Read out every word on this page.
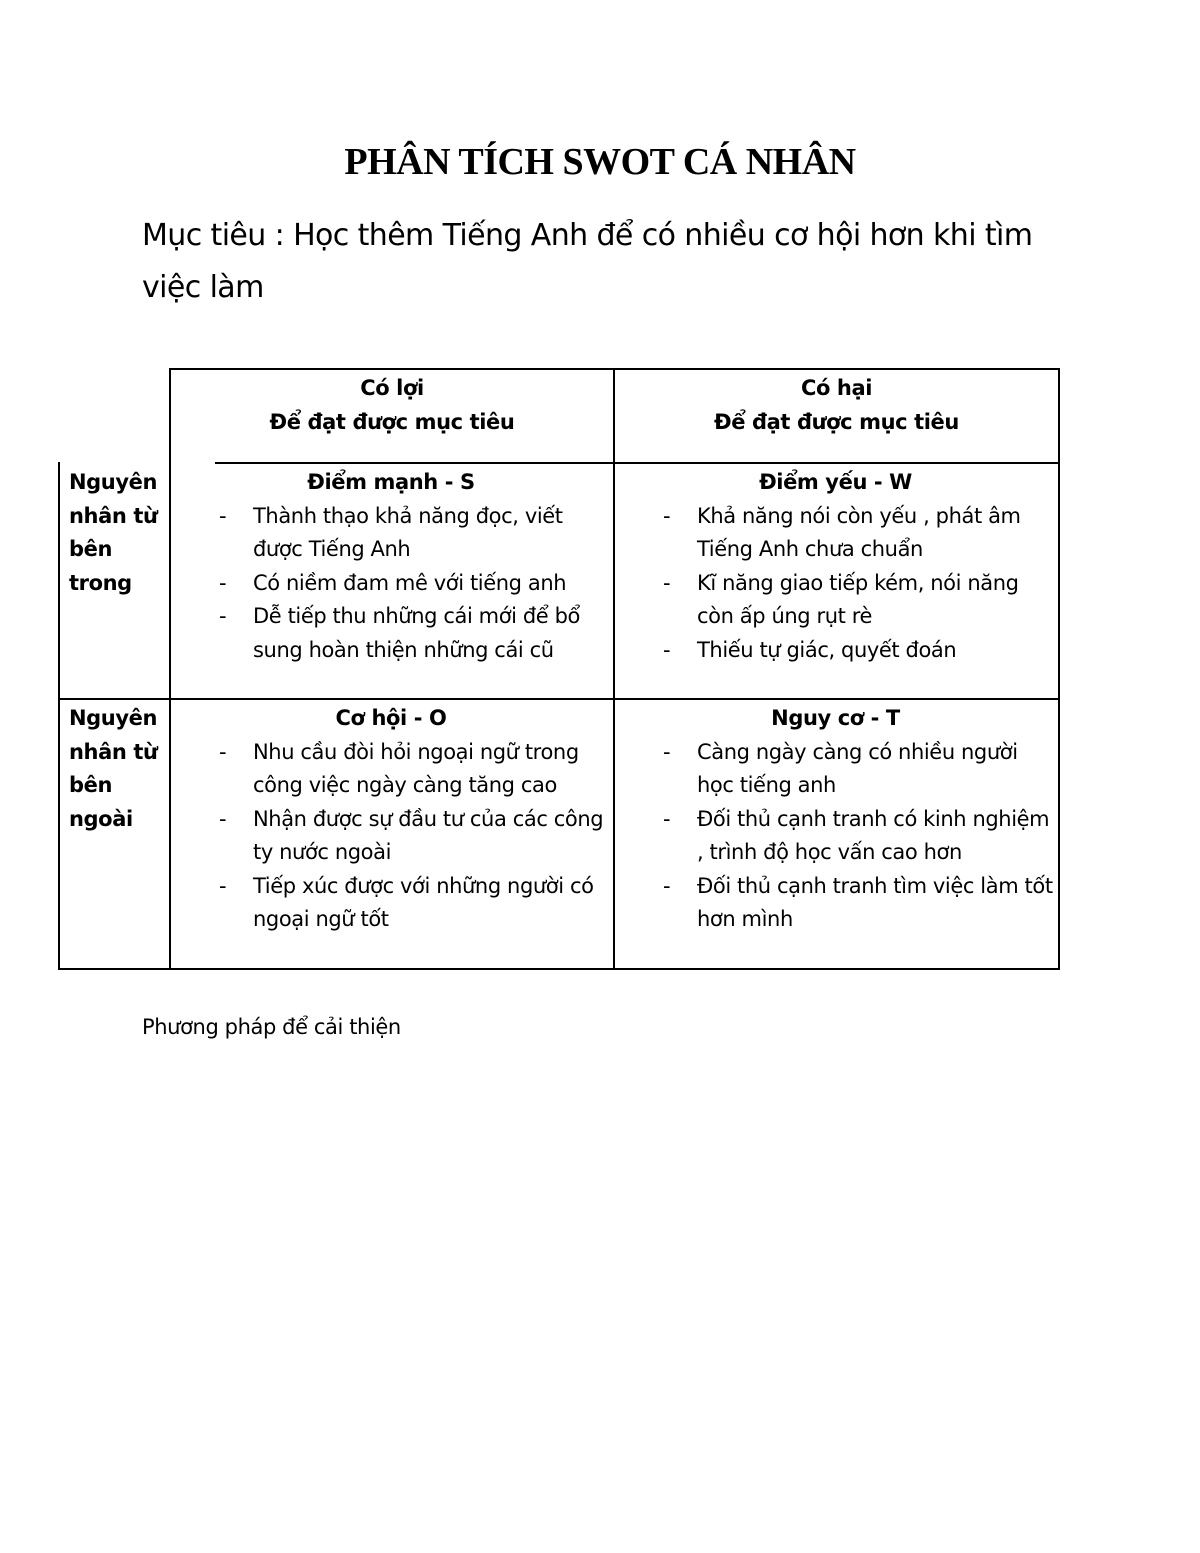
PHÂN TÍCH SWOT CÁ NHÂN
Mục tiêu : Học thêm Tiếng Anh để có nhiều cơ hội hơn khi tìm việc làm
Có lợi
Để đạt được mục tiêu
Có hại
Để đạt được mục tiêu
Nguyên nhân từ bên trong
Nguyên nhân từ bên ngoài
Điểm mạnh - S
- Thành thạo khả năng đọc, viết được Tiếng Anh
- Có niềm đam mê với tiếng anh
- Dễ tiếp thu những cái mới để bổ sung hoàn thiện những cái cũ
Điểm yếu - W
- Khả năng nói còn yếu , phát âm Tiếng Anh chưa chuẩn
- Kĩ năng giao tiếp kém, nói năng còn ấp úng rụt rè
- Thiếu tự giác, quyết đoán
Cơ hội - O
- Nhu cầu đòi hỏi ngoại ngữ trong công việc ngày càng tăng cao
- Nhận được sự đầu tư của các công ty nước ngoài
- Tiếp xúc được với những người có ngoại ngữ tốt
Nguy cơ - T
- Càng ngày càng có nhiều người học tiếng anh
- Đối thủ cạnh tranh có kinh nghiệm , trình độ học vấn cao hơn
- Đối thủ cạnh tranh tìm việc làm tốt hơn mình
Phương pháp để cải thiện
